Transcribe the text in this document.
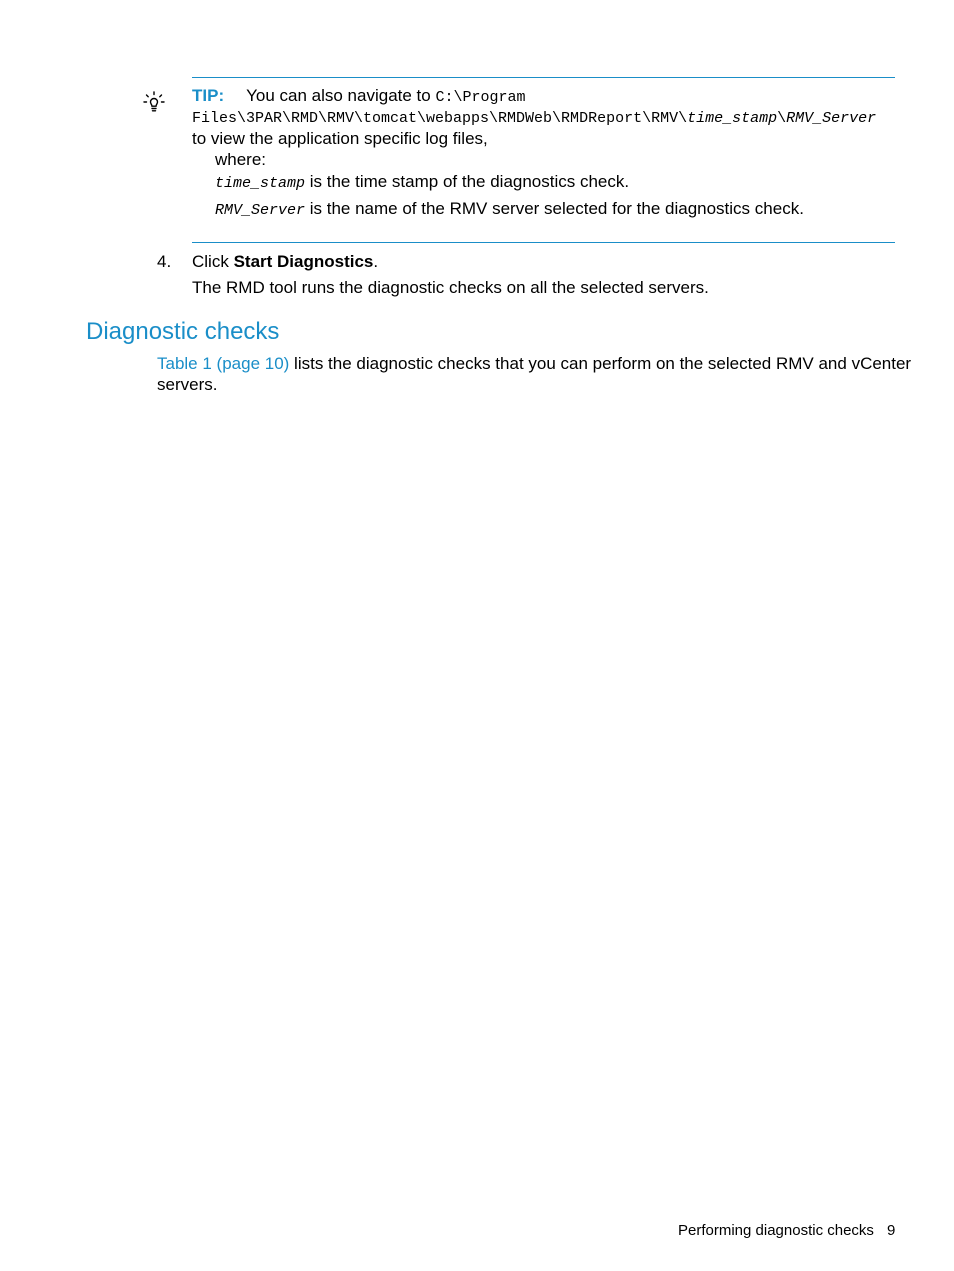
TIP: You can also navigate to C:\Program
Files\3PAR\RMD\RMV\tomcat\webapps\RMDWeb\RMDReport\RMV\time_stamp\RMV_Server
to view the application specific log files,
where:
time_stamp is the time stamp of the diagnostics check.
RMV_Server is the name of the RMV server selected for the diagnostics check.
4. Click Start Diagnostics.
The RMD tool runs the diagnostic checks on all the selected servers.
Diagnostic checks
Table 1 (page 10) lists the diagnostic checks that you can perform on the selected RMV and vCenter
servers.
Performing diagnostic checks 9
